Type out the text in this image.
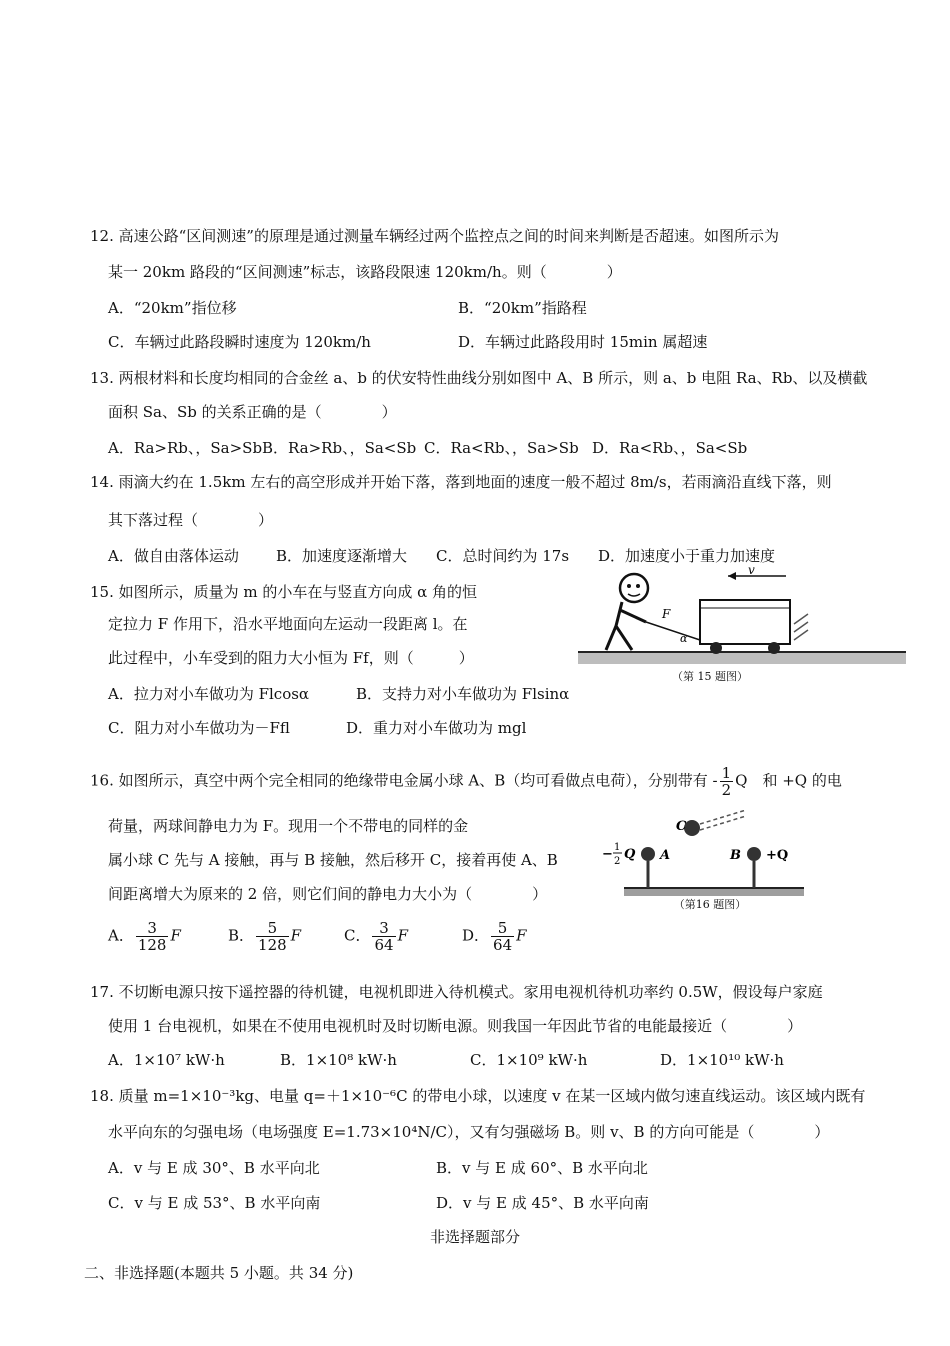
12. 高速公路“区间测速”的原理是通过测量车辆经过两个监控点之间的时间来判断是否超速。如图所示为
某一 20km 路段的“区间测速”标志，该路段限速 120km/h。则（　　　　）
A．“20km”指位移	B．“20km”指路程
C．车辆过此路段瞬时速度为 120km/h	D．车辆过此路段用时 15min 属超速
13. 两根材料和长度均相同的合金丝 a、b 的伏安特性曲线分别如图中 A、B 所示，则 a、b 电阻 Ra、Rb、以及横截
面积 Sa、Sb 的关系正确的是（　　　　）
A．Ra>Rb、，Sa>Sb B．Ra>Rb、，Sa<Sb C．Ra<Rb、，Sa>Sb D．Ra<Rb、，Sa<Sb
14. 雨滴大约在 1.5km 左右的高空形成并开始下落，落到地面的速度一般不超过 8m/s，若雨滴沿直线下落，则
其下落过程（　　　　）
A．做自由落体运动 B．加速度逐渐增大 C．总时间约为 17s D．加速度小于重力加速度
15. 如图所示，质量为 m 的小车在与竖直方向成 α 角的恒
定拉力 F 作用下，沿水平地面向左运动一段距离 l。在
此过程中，小车受到的阻力大小恒为 Ff，则（　　　）
A．拉力对小车做功为 Flcosα	B．支持力对小车做功为 Flsinα
C．阻力对小车做功为－Ffl	D．重力对小车做功为 mgl
v
F
α
（第 15 题图）
16. 如图所示，真空中两个完全相同的绝缘带电金属小球 A、B（均可看做点电荷），分别带有 - $\frac{1}{2}$ Q　和 +Q 的电
荷量，两球间静电力为 F。现用一个不带电的同样的金
属小球 C 先与 A 接触，再与 B 接触，然后移开 C，接着再使 A、B
间距离增大为原来的 2 倍，则它们间的静电力大小为（　　　　）
A． $\frac{3}{128}$ F	B． $\frac{5}{128}$ F	C． $\frac{3}{64}$ F	D． $\frac{5}{64}$ F
C
A
− 1
2 Q	B +Q
（第16 题图）
17. 不切断电源只按下遥控器的待机键，电视机即进入待机模式。家用电视机待机功率约 0.5W，假设每户家庭
使用 1 台电视机，如果在不使用电视机时及时切断电源。则我国一年因此节省的电能最接近（　　　　）
A．1×10⁷ kW·h	B．1×10⁸ kW·h	C．1×10⁹ kW·h	D．1×10¹⁰ kW·h
18. 质量 m=1×10⁻³kg、电量 q=＋1×10⁻⁶C 的带电小球，以速度 v 在某一区域内做匀速直线运动。该区域内既有
水平向东的匀强电场（电场强度 E=1.73×10⁴N/C），又有匀强磁场 B。则 v、B 的方向可能是（　　　　）
A．v 与 E 成 30°、B 水平向北	B．v 与 E 成 60°、B 水平向北
C．v 与 E 成 53°、B 水平向南	D．v 与 E 成 45°、B 水平向南
非选择题部分
二、非选择题(本题共 5 小题。共 34 分)
